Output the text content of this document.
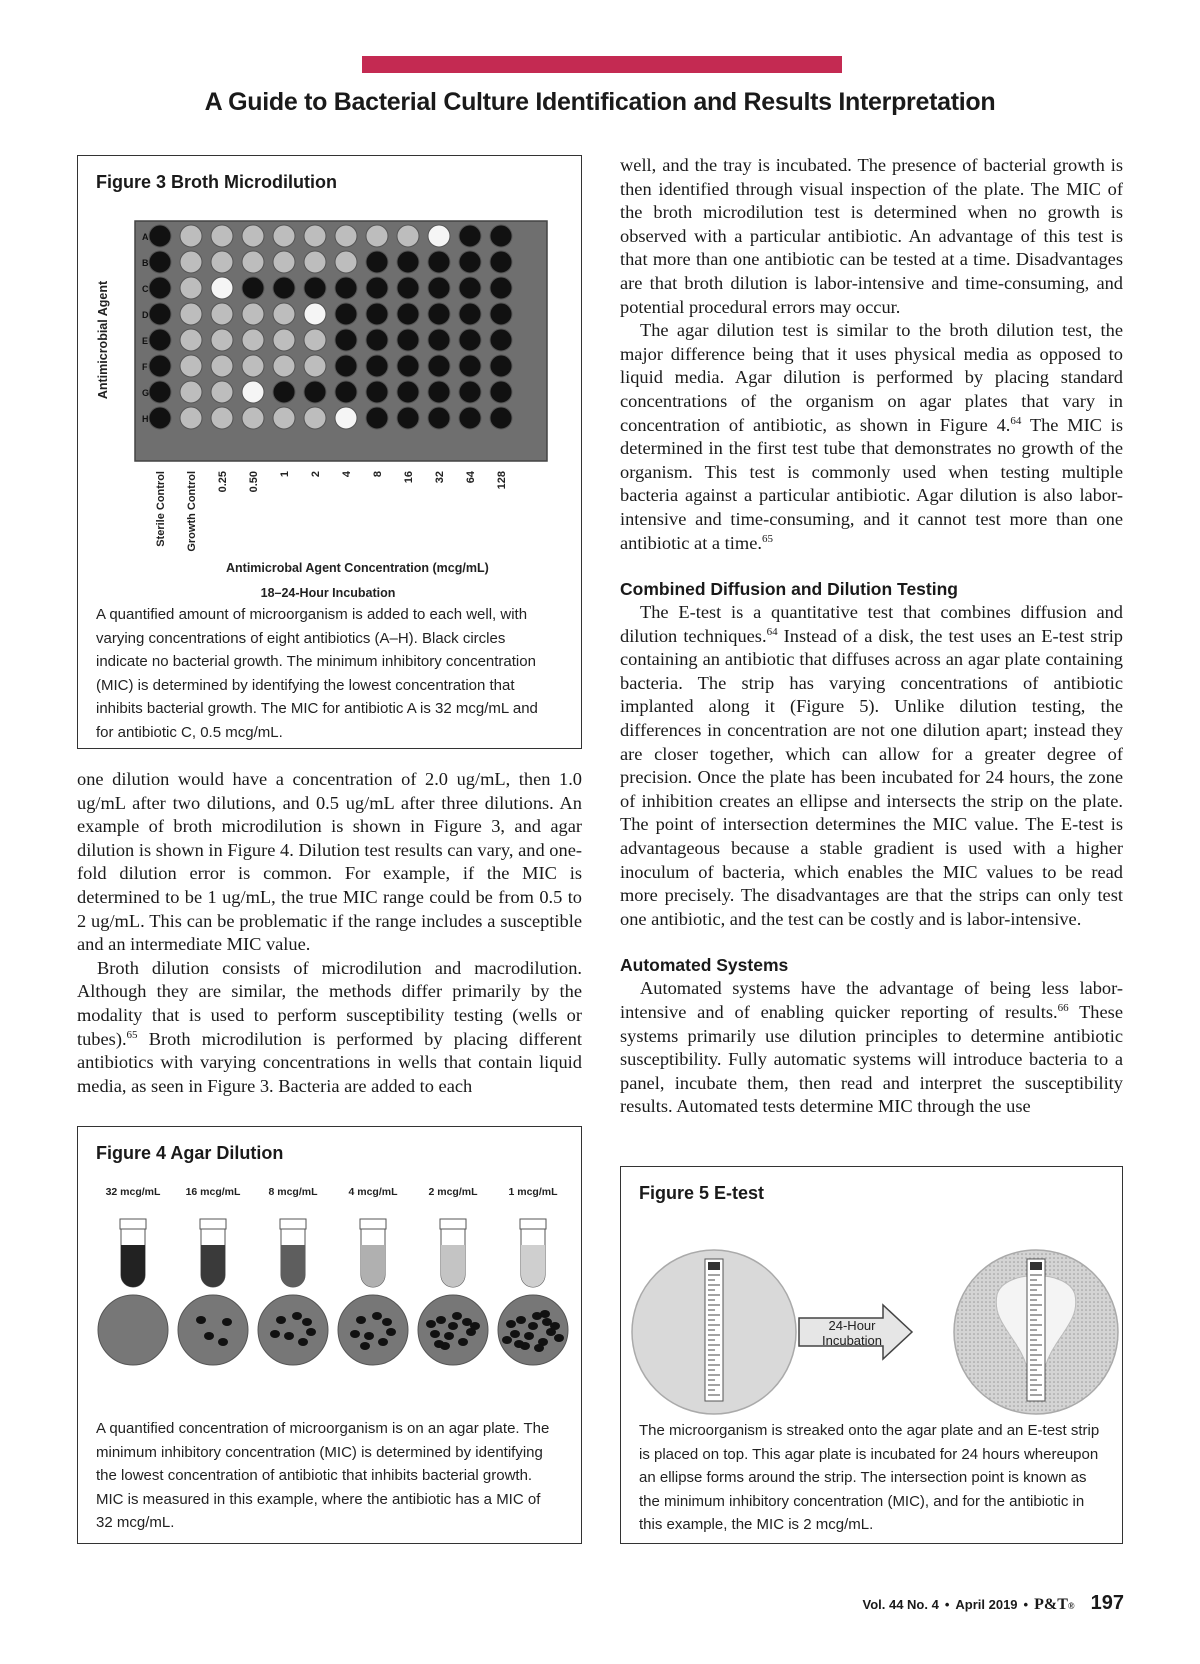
A Guide to Bacterial Culture Identification and Results Interpretation
Figure 3 Broth Microdilution
A
B
C
D
E
F
G
H
Sterile Control Growth Control 0.25 0.50 1 2 4 8 16 32 64 128
Antimicrobial Agent
Antimicrobal Agent Concentration (mcg/mL)
18–24-Hour Incubation
A quantified amount of microorganism is added to each well, with varying concentrations of eight antibiotics (A–H). Black circles indicate no bacterial growth. The minimum inhibitory concentration (MIC) is determined by identifying the lowest concentration that inhibits bacterial growth. The MIC for antibiotic A is 32 mcg/mL and for antibiotic C, 0.5 mcg/mL.

one dilution would have a concentration of 2.0 ug/mL, then 1.0 ug/mL after two dilutions, and 0.5 ug/mL after three dilutions. An example of broth microdilution is shown in Figure 3, and agar dilution is shown in Figure 4. Dilution test results can vary, and one-fold dilution error is common. For example, if the MIC is determined to be 1 ug/mL, the true MIC range could be from 0.5 to 2 ug/mL. This can be problematic if the range includes a susceptible and an intermediate MIC value.

Broth dilution consists of microdilution and macrodilution. Although they are similar, the methods differ primarily by the modality that is used to perform susceptibility testing (wells or tubes).$^{65}$ Broth microdilution is performed by placing different antibiotics with varying concentrations in wells that contain liquid media, as seen in Figure 3. Bacteria are added to each

Figure 4 Agar Dilution
32 mcg/mL 16 mcg/mL	8 mcg/mL	4 mcg/mL	2 mcg/mL	1 mcg/mL
A quantified concentration of microorganism is on an agar plate. The minimum inhibitory concentration (MIC) is determined by identifying the lowest concentration of antibiotic that inhibits bacterial growth. MIC is measured in this example, where the antibiotic has a MIC of 32 mcg/mL.

well, and the tray is incubated. The presence of bacterial growth is then identified through visual inspection of the plate. The MIC of the broth microdilution test is determined when no growth is observed with a particular antibiotic. An advantage of this test is that more than one antibiotic can be tested at a time. Disadvantages are that broth dilution is labor-intensive and time-consuming, and potential procedural errors may occur.

The agar dilution test is similar to the broth dilution test, the major difference being that it uses physical media as opposed to liquid media. Agar dilution is performed by placing standard concentrations of the organism on agar plates that vary in concentration of antibiotic, as shown in Figure 4.64 The MIC is determined in the first test tube that demonstrates no growth of the organism. This test is commonly used when testing multiple bacteria against a particular antibiotic. Agar dilution is also labor-intensive and time-consuming, and it cannot test more than one antibiotic at a time.$^{65}$

Combined Diffusion and Dilution Testing

The E-test is a quantitative test that combines diffusion and dilution techniques.$^{64}$ Instead of a disk, the test uses an E-test strip containing an antibiotic that diffuses across an agar plate containing bacteria. The strip has varying concentrations of antibiotic implanted along it (Figure 5). Unlike dilution testing, the differences in concentration are not one dilution apart; instead they are closer together, which can allow for a greater degree of precision. Once the plate has been incubated for 24 hours, the zone of inhibition creates an ellipse and intersects the strip on the plate. The point of intersection determines the MIC value. The E-test is advantageous because a stable gradient is used with a higher inoculum of bacteria, which enables the MIC values to be read more precisely. The disadvantages are that the strips can only test one antibiotic, and the test can be costly and is labor-intensive.

Automated Systems

Automated systems have the advantage of being less labor-intensive and of enabling quicker reporting of results.$^{66}$ These systems primarily use dilution principles to determine antibiotic susceptibility. Fully automatic systems will introduce bacteria to a panel, incubate them, then read and interpret the susceptibility results. Automated tests determine MIC through the use

Figure 5 E-test
24-Hour
Incubation
The microorganism is streaked onto the agar plate and an E-test strip is placed on top. This agar plate is incubated for 24 hours whereupon an ellipse forms around the strip. The intersection point is known as the minimum inhibitory concentration (MIC), and for the antibiotic in this example, the MIC is 2 mcg/mL.
Vol. 44 No. 4 • April 2019 • P&T® 197
